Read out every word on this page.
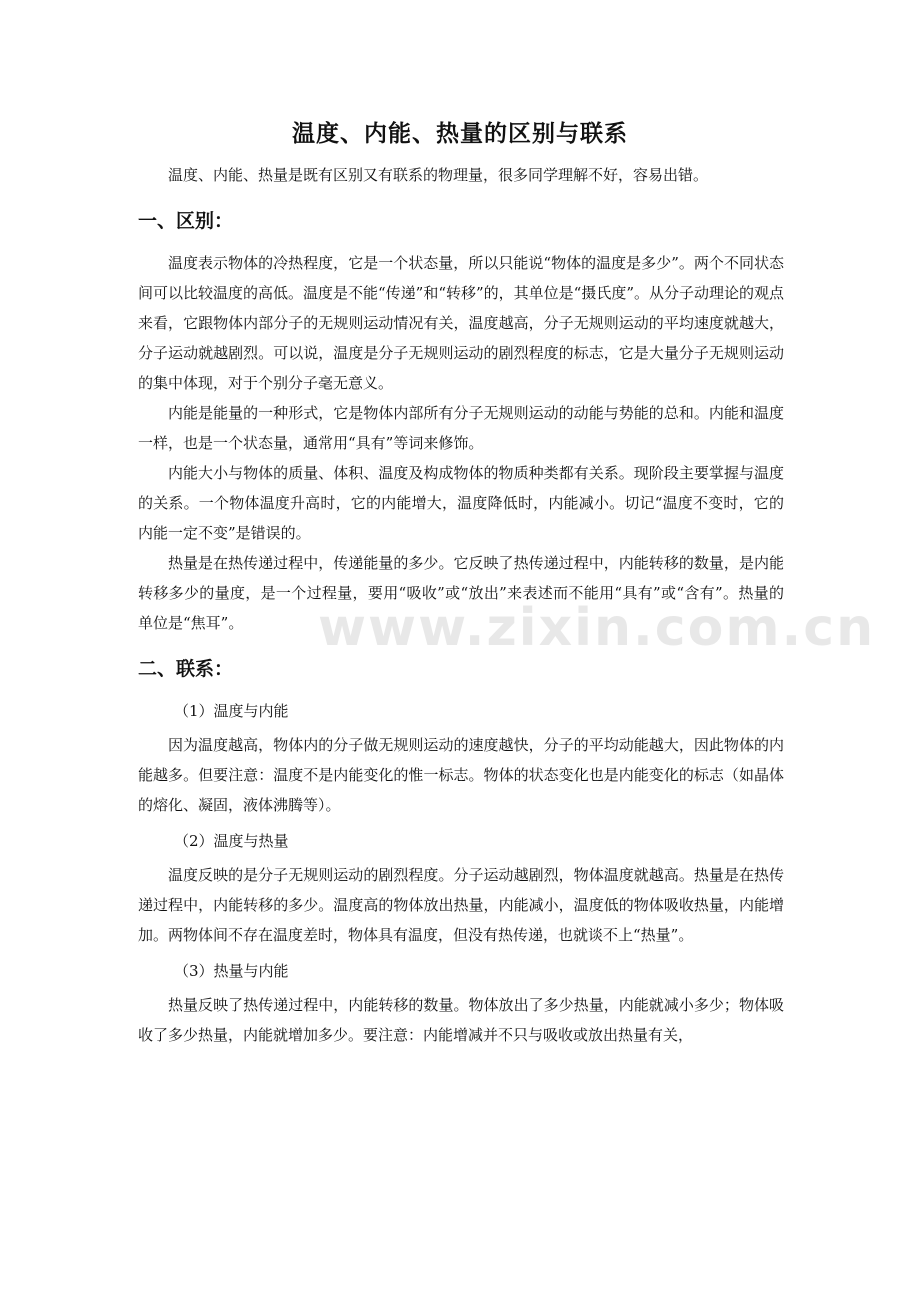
温度、内能、热量的区别与联系

温度、内能、热量是既有区别又有联系的物理量，很多同学理解不好，容易出错。

一、区别：

温度表示物体的冷热程度，它是一个状态量，所以只能说“物体的温度是多少”。两个不同状态间可以比较温度的高低。温度是不能“传递”和“转移”的，其单位是“摄氏度”。从分子动理论的观点来看，它跟物体内部分子的无规则运动情况有关，温度越高，分子无规则运动的平均速度就越大，分子运动就越剧烈。可以说，温度是分子无规则运动的剧烈程度的标志，它是大量分子无规则运动的集中体现，对于个别分子毫无意义。

内能是能量的一种形式，它是物体内部所有分子无规则运动的动能与势能的总和。内能和温度一样，也是一个状态量，通常用“具有”等词来修饰。

内能大小与物体的质量、体积、温度及构成物体的物质种类都有关系。现阶段主要掌握与温度的关系。一个物体温度升高时，它的内能增大，温度降低时，内能减小。切记“温度不变时，它的内能一定不变”是错误的。

热量是在热传递过程中，传递能量的多少。它反映了热传递过程中，内能转移的数量，是内能转移多少的量度，是一个过程量，要用“吸收”或“放出”来表述而不能用“具有”或“含有”。热量的单位是“焦耳”。

二、联系：
（1）温度与内能

因为温度越高，物体内的分子做无规则运动的速度越快，分子的平均动能越大，因此物体的内能越多。但要注意：温度不是内能变化的惟一标志。物体的状态变化也是内能变化的标志（如晶体的熔化、凝固，液体沸腾等）。

（2）温度与热量

温度反映的是分子无规则运动的剧烈程度。分子运动越剧烈，物体温度就越高。热量是在热传递过程中，内能转移的多少。温度高的物体放出热量，内能减小，温度低的物体吸收热量，内能增加。两物体间不存在温度差时，物体具有温度，但没有热传递，也就谈不上“热量”。

（3）热量与内能

热量反映了热传递过程中，内能转移的数量。物体放出了多少热量，内能就减小多少；物体吸收了多少热量，内能就增加多少。要注意：内能增减并不只与吸收或放出热量有关，

www.zixin.com.cn
